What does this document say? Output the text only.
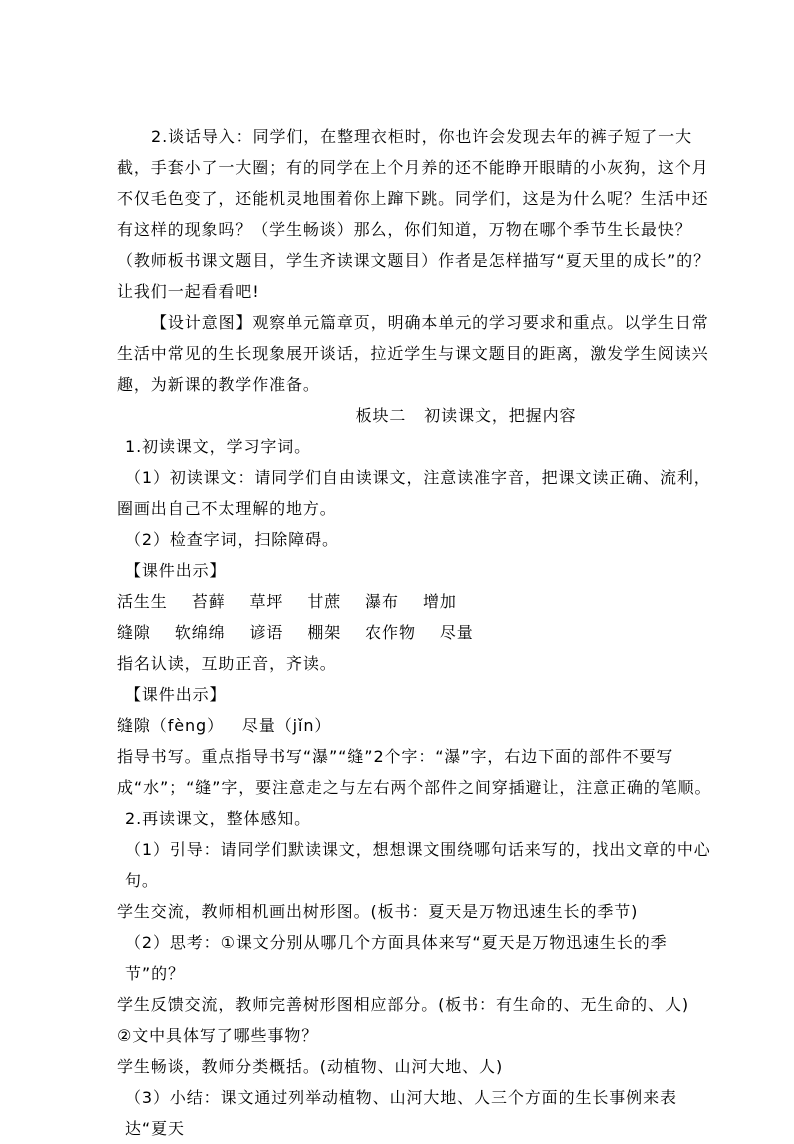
2.谈话导入：同学们，在整理衣柜时，你也许会发现去年的裤子短了一大截，手套小了一大圈；有的同学在上个月养的还不能睁开眼睛的小灰狗，这个月不仅毛色变了，还能机灵地围着你上蹿下跳。同学们，这是为什么呢？生活中还有这样的现象吗？（学生畅谈）那么，你们知道，万物在哪个季节生长最快？（教师板书课文题目，学生齐读课文题目）作者是怎样描写“夏天里的成长”的？让我们一起看看吧!

【设计意图】观察单元篇章页，明确本单元的学习要求和重点。以学生日常生活中常见的生长现象展开谈话，拉近学生与课文题目的距离，激发学生阅读兴趣，为新课的教学作准备。

板块二   初读课文，把握内容

1.初读课文，学习字词。

（1）初读课文：请同学们自由读课文，注意读准字音，把课文读正确、流利，圈画出自己不太理解的地方。

（2）检查字词，扫除障碍。

【课件出示】

活生生 苔藓 草坪 甘蔗 瀑布 增加

缝隙 软绵绵 谚语 棚架 农作物 尽量

指名认读，互助正音，齐读。

【课件出示】

缝隙（fèng）   尽量（jǐn）

指导书写。重点指导书写“瀑”“缝”2个字：“瀑”字，右边下面的部件不要写成“水”；“缝”字，要注意走之与左右两个部件之间穿插避让，注意正确的笔顺。

2.再读课文，整体感知。

（1）引导：请同学们默读课文，想想课文围绕哪句话来写的，找出文章的中心句。

学生交流，教师相机画出树形图。(板书：夏天是万物迅速生长的季节)

（2）思考：①课文分别从哪几个方面具体来写“夏天是万物迅速生长的季节”的？

学生反馈交流，教师完善树形图相应部分。(板书：有生命的、无生命的、人)

②文中具体写了哪些事物？

学生畅谈，教师分类概括。(动植物、山河大地、人)

（3）小结：课文通过列举动植物、山河大地、人三个方面的生长事例来表达“夏天
